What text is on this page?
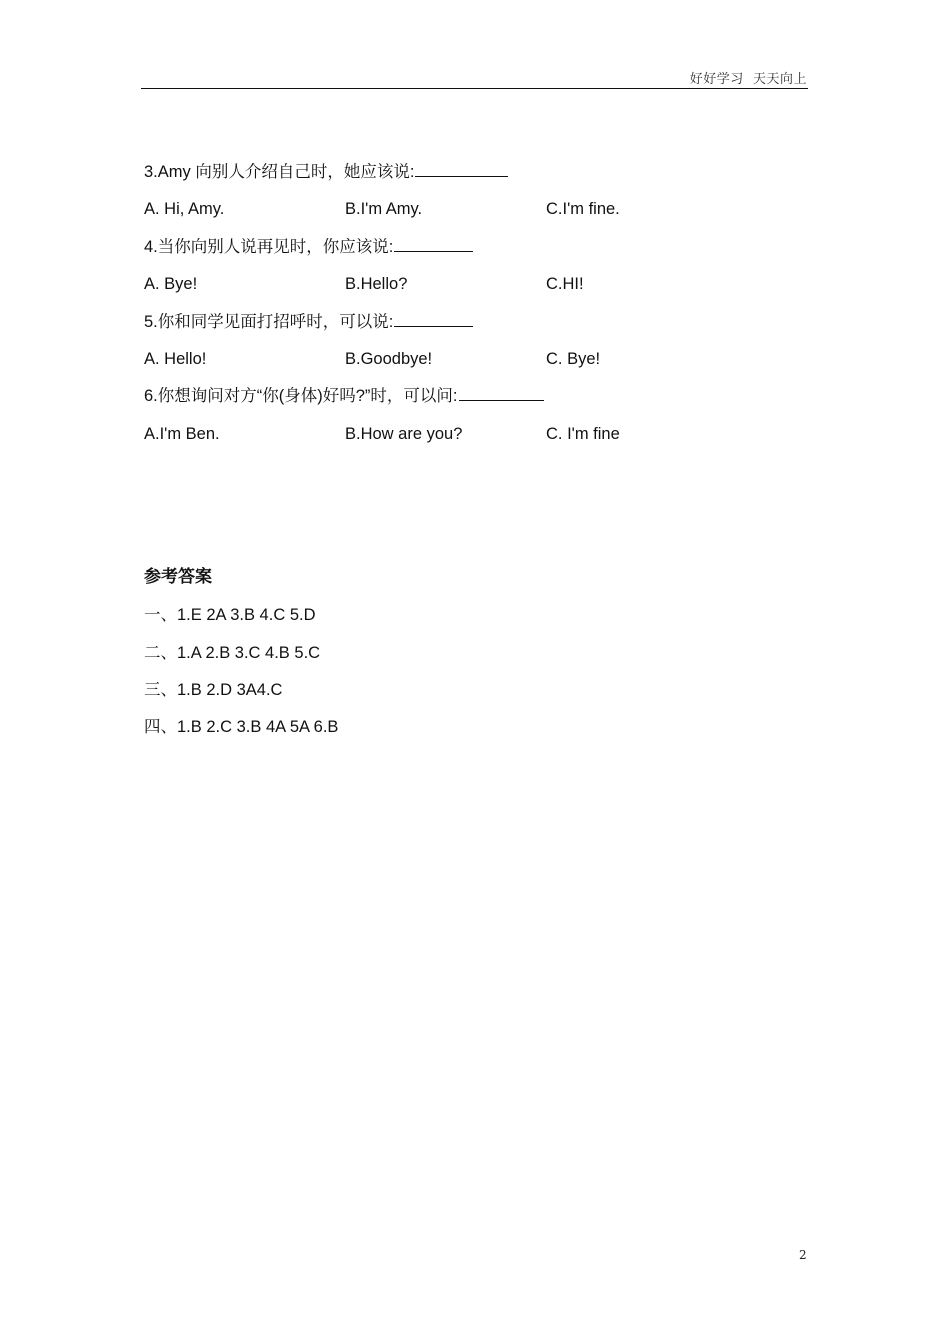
好好学习  天天向上
3.Amy 向别人介绍自己时，她应该说:
A. Hi, Amy.	B.I'm Amy.	C.I'm fine.
4.当你向别人说再见时，你应该说:
A. Bye!	B.Hello?	C.HI!
5.你和同学见面打招呼时，可以说:
A. Hello!	B.Goodbye!	C. Bye!
6.你想询问对方“你(身体)好吗?”时，可以问:
A.I'm Ben.	B.How are you?	C. I'm fine
参考答案
一、1.E 2A 3.B 4.C 5.D
二、1.A 2.B 3.C 4.B 5.C
三、1.B 2.D 3A4.C
四、1.B 2.C 3.B 4A 5A 6.B
2
